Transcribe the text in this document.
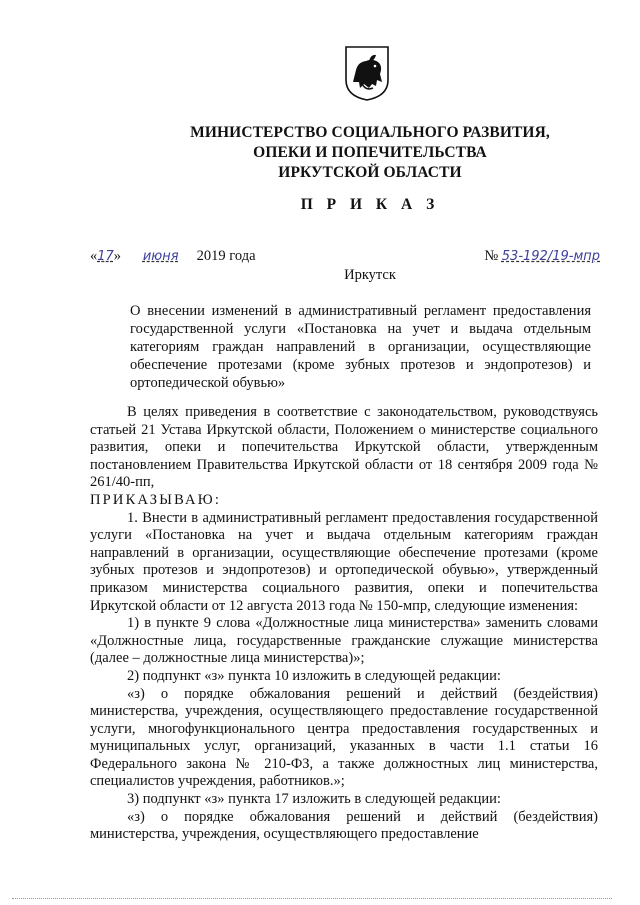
МИНИСТЕРСТВО СОЦИАЛЬНОГО РАЗВИТИЯ,
ОПЕКИ И ПОПЕЧИТЕЛЬСТВА
ИРКУТСКОЙ ОБЛАСТИ
П Р И К А З
«17» июня 2019 года	№ 53-192/19-мпр
Иркутск
О внесении изменений в административный регламент предоставления государственной услуги «Постановка на учет и выдача отдельным категориям граждан направлений в организации, осуществляющие обеспечение протезами (кроме зубных протезов и эндопротезов) и ортопедической обувью»

В целях приведения в соответствие с законодательством, руководствуясь статьей 21 Устава Иркутской области, Положением о министерстве социального развития, опеки и попечительства Иркутской области, утвержденным постановлением Правительства Иркутской области от 18 сентября 2009 года № 261/40-пп,

ПРИКАЗЫВАЮ:

1. Внести в административный регламент предоставления государственной услуги «Постановка на учет и выдача отдельным категориям граждан направлений в организации, осуществляющие обеспечение протезами (кроме зубных протезов и эндопротезов) и ортопедической обувью», утвержденный приказом министерства социального развития, опеки и попечительства Иркутской области от 12 августа 2013 года № 150-мпр, следующие изменения:

1) в пункте 9 слова «Должностные лица министерства» заменить словами «Должностные лица, государственные гражданские служащие министерства (далее – должностные лица министерства)»;

2) подпункт «з» пункта 10 изложить в следующей редакции:

«з) о порядке обжалования решений и действий (бездействия) министерства, учреждения, осуществляющего предоставление государственной услуги, многофункционального центра предоставления государственных и муниципальных услуг, организаций, указанных в части 1.1 статьи 16 Федерального закона № 210-ФЗ, а также должностных лиц министерства, специалистов учреждения, работников.»;

3) подпункт «з» пункта 17 изложить в следующей редакции:

«з) о порядке обжалования решений и действий (бездействия) министерства, учреждения, осуществляющего предоставление
